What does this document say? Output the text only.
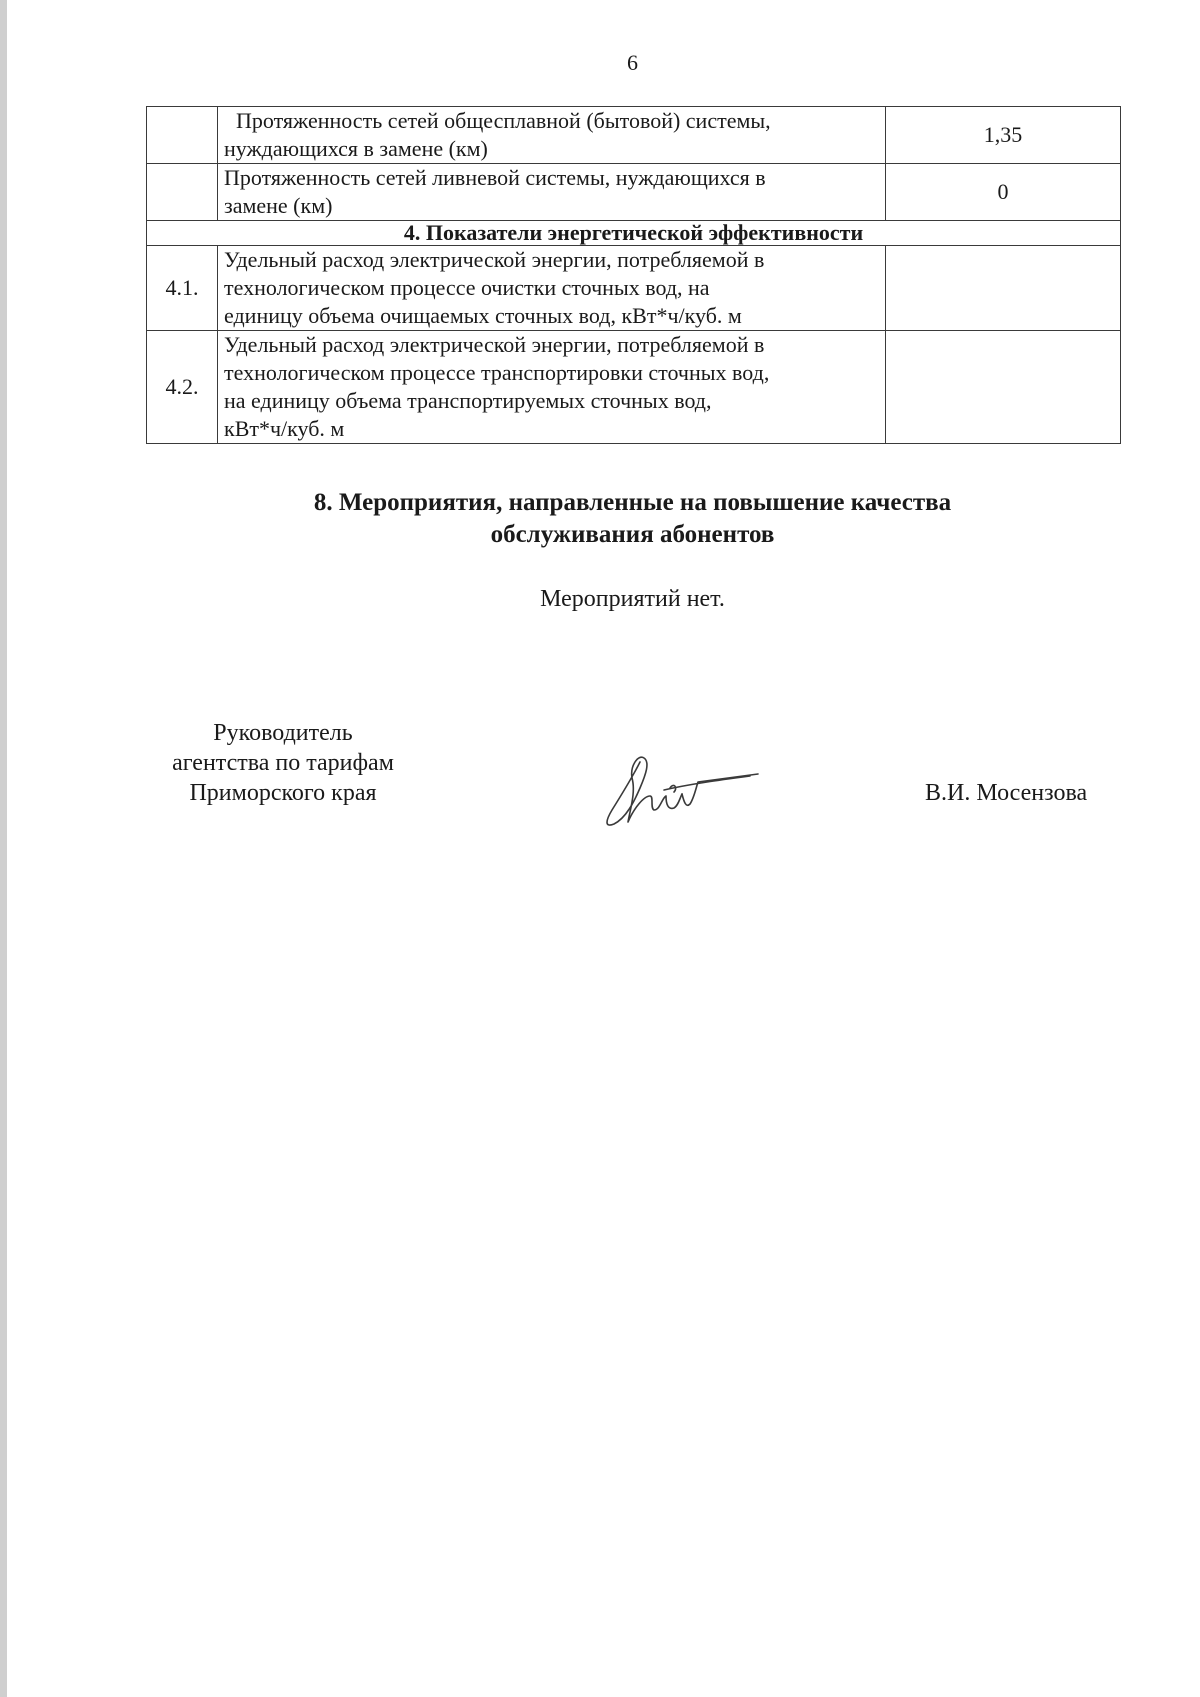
6

	Протяженность сетей общесплавной (бытовой) системы,
нуждающихся в замене (км)	1,35

	Протяженность сетей ливневой системы, нуждающихся в
замене (км)	0
4. Показатели энергетической эффективности		
4.1.	Удельный расход электрической энергии, потребляемой в
технологическом процессе очистки сточных вод, на
единицу объема очищаемых сточных вод, кВт*ч/куб. м	

4.2.	Удельный расход электрической энергии, потребляемой в
технологическом процессе транспортировки сточных вод,
на единицу объема транспортируемых сточных вод,
кВт*ч/куб. м	

8. Мероприятия, направленные на повышение качества
обслуживания абонентов
Мероприятий нет.
Руководитель
агентства по тарифам
Приморского края	В.И. Мосензова
